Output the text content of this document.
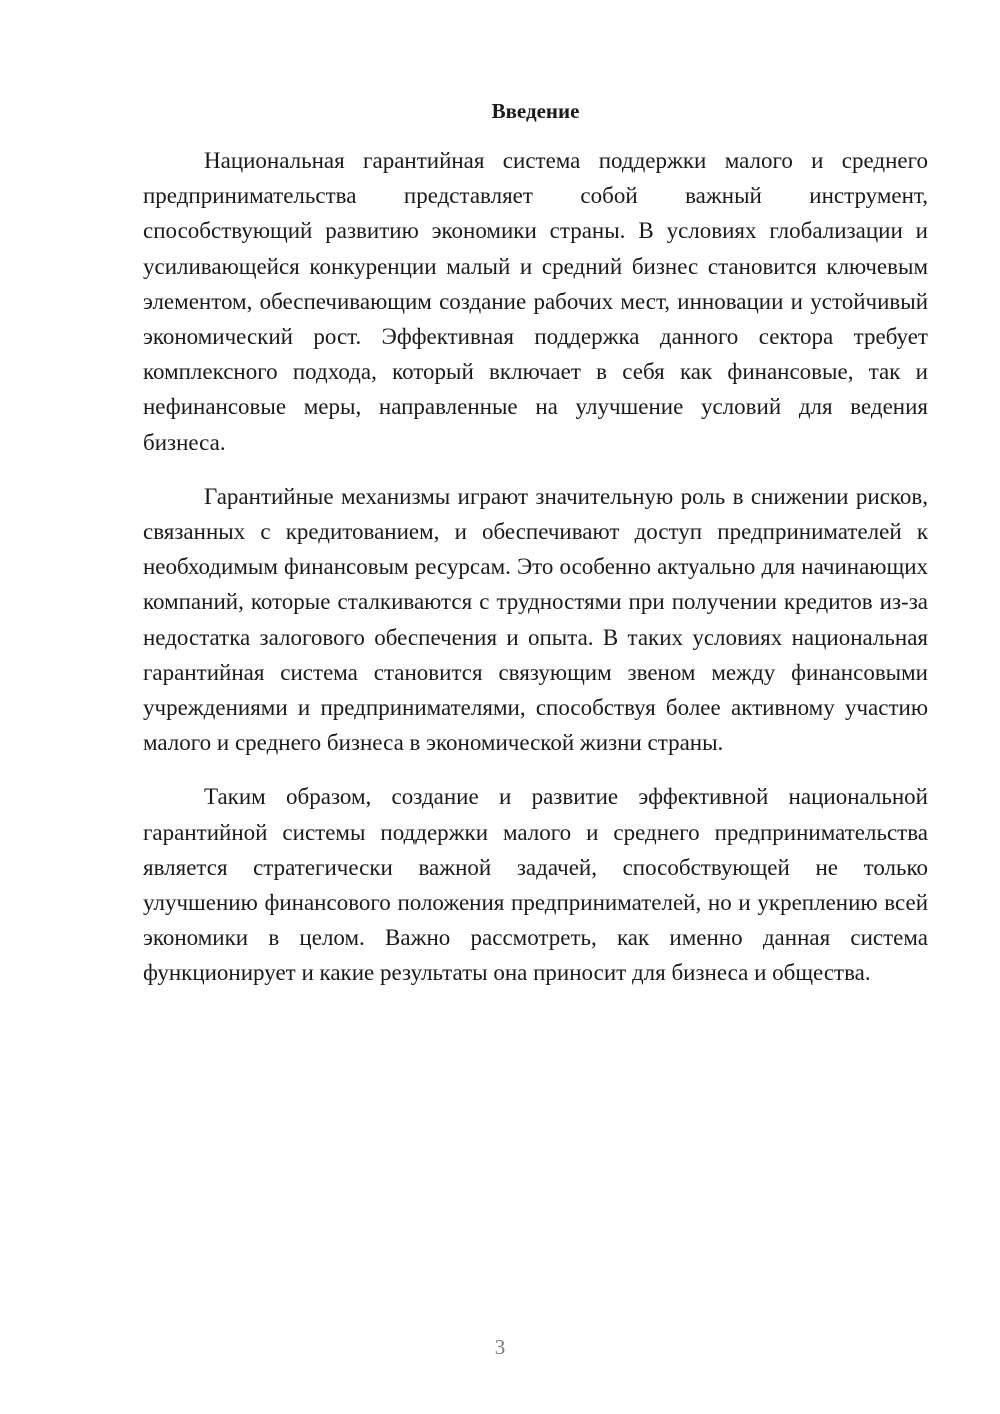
Введение

Национальная гарантийная система поддержки малого и среднего предпринимательства представляет собой важный инструмент, способствующий развитию экономики страны. В условиях глобализации и усиливающейся конкуренции малый и средний бизнес становится ключевым элементом, обеспечивающим создание рабочих мест, инновации и устойчивый экономический рост. Эффективная поддержка данного сектора требует комплексного подхода, который включает в себя как финансовые, так и нефинансовые меры, направленные на улучшение условий для ведения бизнеса.

Гарантийные механизмы играют значительную роль в снижении рисков, связанных с кредитованием, и обеспечивают доступ предпринимателей к необходимым финансовым ресурсам. Это особенно актуально для начинающих компаний, которые сталкиваются с трудностями при получении кредитов из-за недостатка залогового обеспечения и опыта. В таких условиях национальная гарантийная система становится связующим звеном между финансовыми учреждениями и предпринимателями, способствуя более активному участию малого и среднего бизнеса в экономической жизни страны.

Таким образом, создание и развитие эффективной национальной гарантийной системы поддержки малого и среднего предпринимательства является стратегически важной задачей, способствующей не только улучшению финансового положения предпринимателей, но и укреплению всей экономики в целом. Важно рассмотреть, как именно данная система функционирует и какие результаты она приносит для бизнеса и общества.

3
